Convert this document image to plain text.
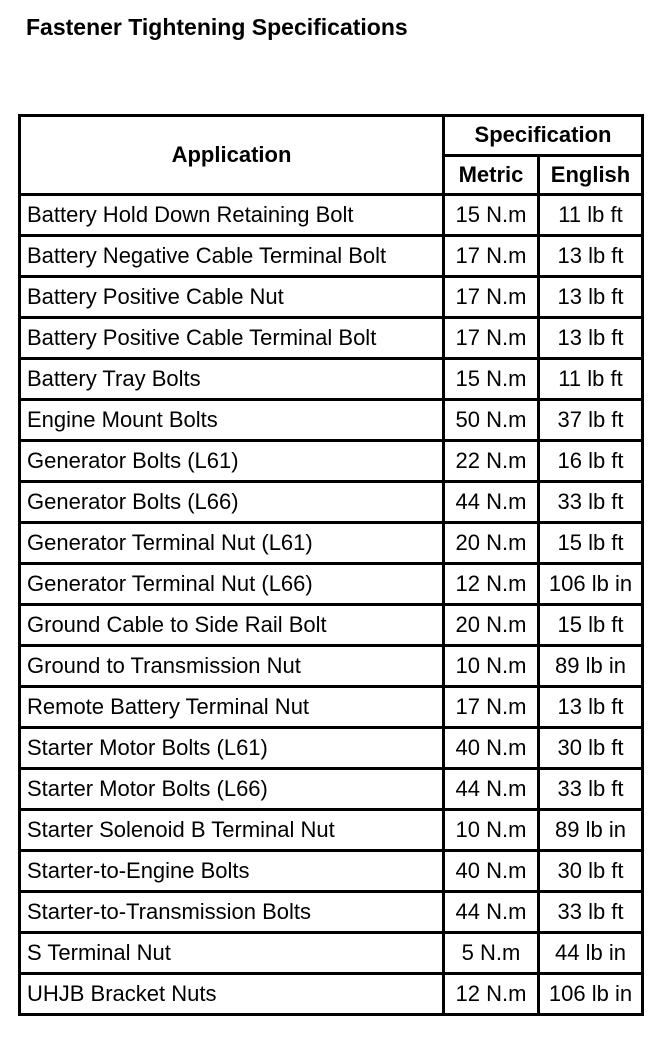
Fastener Tightening Specifications
Application	Specification	
	Metric	English
Battery Hold Down Retaining Bolt	15 N.m	11 lb ft
Battery Negative Cable Terminal Bolt	17 N.m	13 lb ft
Battery Positive Cable Nut	17 N.m	13 lb ft
Battery Positive Cable Terminal Bolt	17 N.m	13 lb ft
Battery Tray Bolts	15 N.m	11 lb ft
Engine Mount Bolts	50 N.m	37 lb ft
Generator Bolts (L61)	22 N.m	16 lb ft
Generator Bolts (L66)	44 N.m	33 lb ft
Generator Terminal Nut (L61)	20 N.m	15 lb ft
Generator Terminal Nut (L66)	12 N.m	106 lb in
Ground Cable to Side Rail Bolt	20 N.m	15 lb ft
Ground to Transmission Nut	10 N.m	89 lb in
Remote Battery Terminal Nut	17 N.m	13 lb ft
Starter Motor Bolts (L61)	40 N.m	30 lb ft
Starter Motor Bolts (L66)	44 N.m	33 lb ft
Starter Solenoid B Terminal Nut	10 N.m	89 lb in
Starter-to-Engine Bolts	40 N.m	30 lb ft
Starter-to-Transmission Bolts	44 N.m	33 lb ft
S Terminal Nut	5 N.m	44 lb in
UHJB Bracket Nuts	12 N.m	106 lb in
